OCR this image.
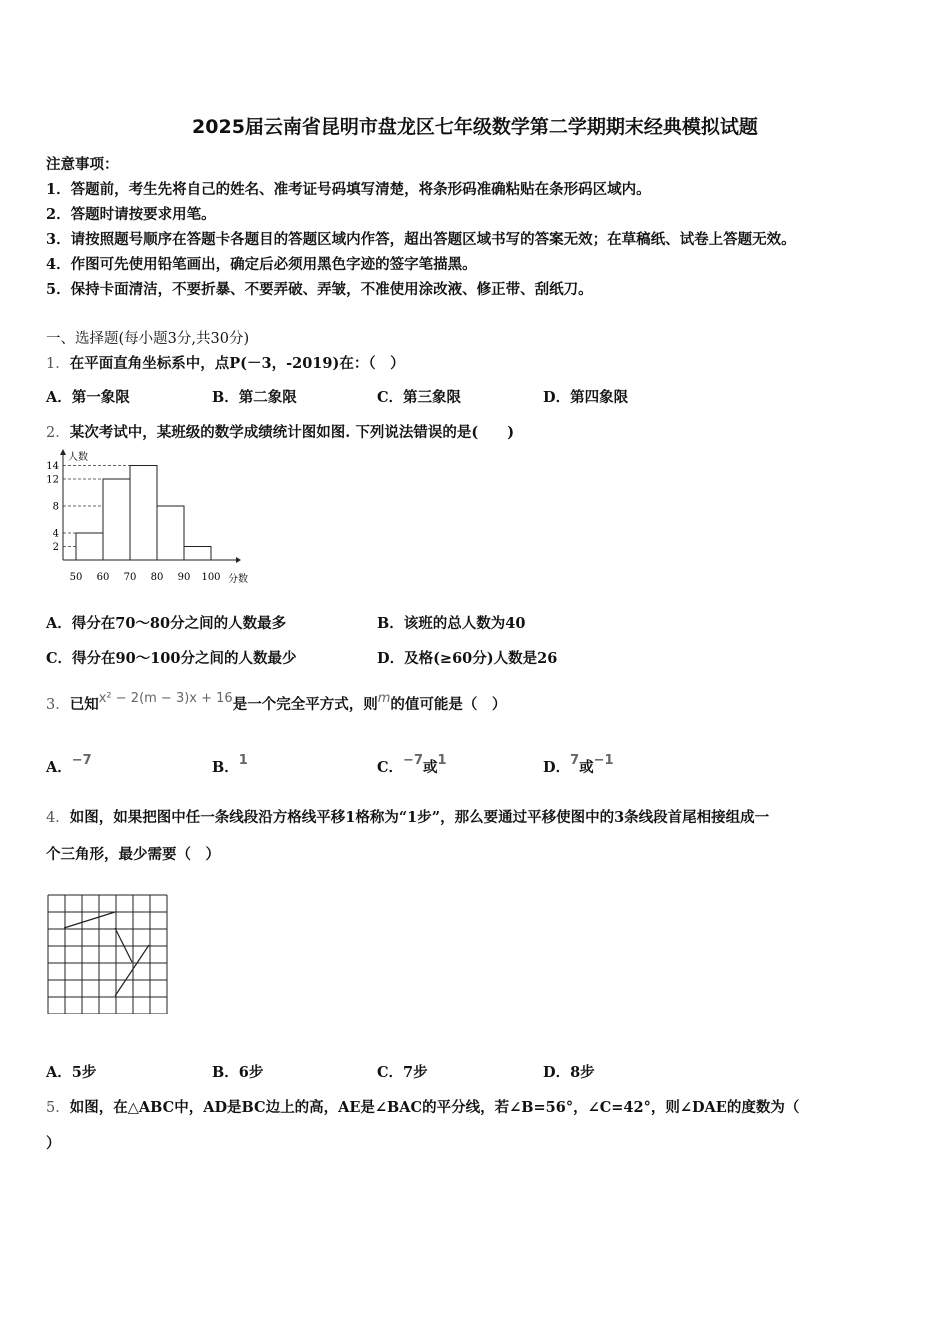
2025届云南省昆明市盘龙区七年级数学第二学期期末经典模拟试题
注意事项：
1．答题前，考生先将自己的姓名、准考证号码填写清楚，将条形码准确粘贴在条形码区域内。
2．答题时请按要求用笔。
3．请按照题号顺序在答题卡各题目的答题区域内作答，超出答题区域书写的答案无效；在草稿纸、试卷上答题无效。
4．作图可先使用铅笔画出，确定后必须用黑色字迹的签字笔描黑。
5．保持卡面清洁，不要折暴、不要弄破、弄皱，不准使用涂改液、修正带、刮纸刀。
一、选择题(每小题3分,共30分)
1．在平面直角坐标系中，点P(－3，-2019)在：（　）
A．第一象限	B．第二象限	C．第三象限	D．第四象限
2．某次考试中，某班级的数学成绩统计图如图. 下列说法错误的是(　　)
2
4
8
12
14
50 60 70 80 90 100
人数
分数
A．得分在70～80分之间的人数最多	B．该班的总人数为40
C．得分在90～100分之间的人数最少	D．及格(≥60分)人数是26
3．已知x² − 2(m − 3)x + 16是一个完全平方式，则m的值可能是（　）
A．−7	B．1	C．−7或1	D．7或−1
4．如图，如果把图中任一条线段沿方格线平移1格称为“1步”，那么要通过平移使图中的3条线段首尾相接组成一
个三角形，最少需要（　）
A．5步	B．6步	C．7步	D．8步
5．如图，在△ABC中，AD是BC边上的高，AE是∠BAC的平分线，若∠B=56°，∠C=42°，则∠DAE的度数为（
）
